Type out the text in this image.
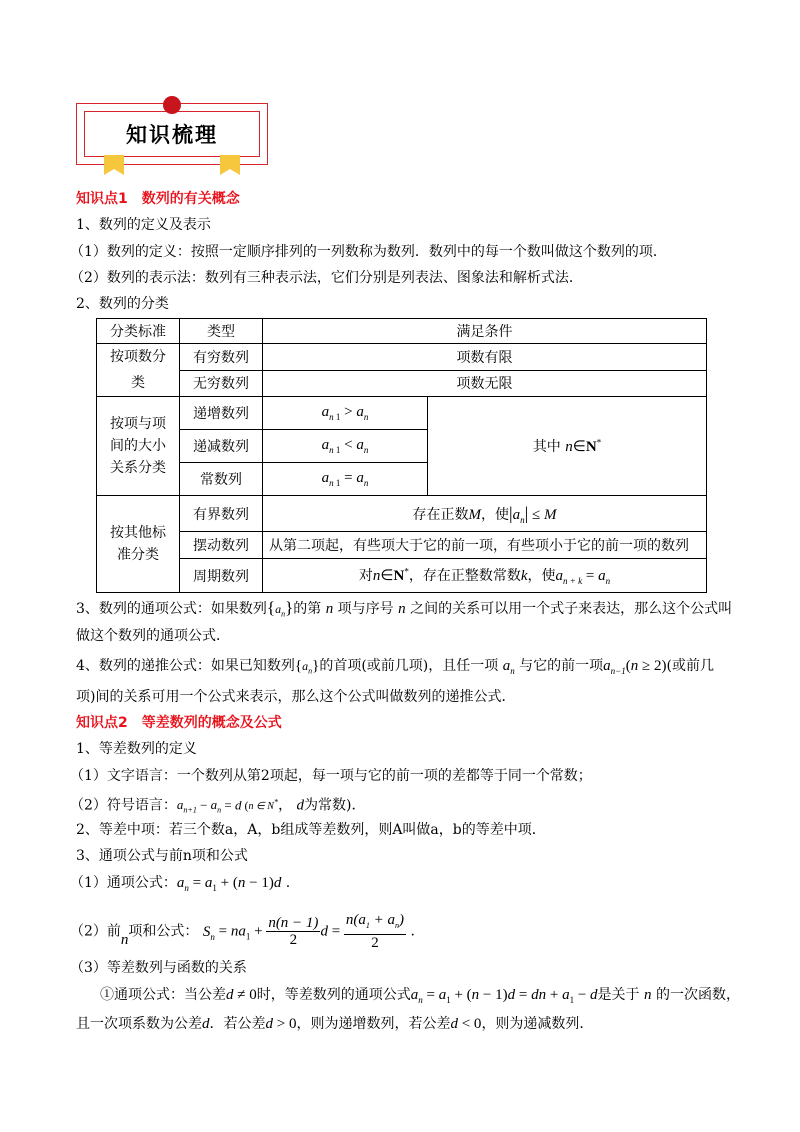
知识梳理
知识点1　数列的有关概念
1、数列的定义及表示
（1）数列的定义：按照一定顺序排列的一列数称为数列．数列中的每一个数叫做这个数列的项．
（2）数列的表示法：数列有三种表示法，它们分别是列表法、图象法和解析式法．
2、数列的分类
分类标准	类型	满足条件	

按项数分类	有穷数列	项数有限	
	无穷数列	项数无限	

按项与项间的大小关系分类	递增数列	$a_n$ $_1 > a_n$	其中 n∈N*
	递减数列	$a_n$ $_1 < a_n$
	常数列	$a_n$ $_1 = a_n$

按其他标准分类	有界数列	存在正数M，使$|a_n| \le M$	
	摆动数列	从第二项起，有些项大于它的前一项，有些项小于它的前一项的数列	
	周期数列	对n∈N*，存在正整数常数k，使$a_{n + k} = a_n$
3、数列的通项公式：如果数列$\{a_n\}$的第 n 项与序号 n 之间的关系可以用一个式子来表达，那么这个公式叫
做这个数列的通项公式．
4、数列的递推公式：如果已知数列$\{a_n\}$的首项(或前几项)，且任一项 $a_n$ 与它的前一项$a_{n-1}(n \ge 2)$(或前几
项)间的关系可用一个公式来表示，那么这个公式叫做数列的递推公式．
知识点2　等差数列的概念及公式
1、等差数列的定义
（1）文字语言：一个数列从第2项起，每一项与它的前一项的差都等于同一个常数；
（2）符号语言：$a_{n+1} - a_n = d$ (n ∈ N*， d为常数)．
2、等差中项：若三个数a，A，b组成等差数列，则A叫做a，b的等差中项．
3、通项公式与前n项和公式
（1）通项公式：$a_n = a_1 + (n - 1)d$ .
（2）前n项和公式： $S_n = na_1 + \frac{n(n - 1)}{2}$ $d = \frac{n(a_1 + a_n)}{2}$ .
（3）等差数列与函数的关系
①通项公式：当公差d ≠ 0时，等差数列的通项公式$a_n = a_1 + (n - 1)d$ = dn + $a_1 - d$是关于 n 的一次函数，
且一次项系数为公差d．若公差d > 0，则为递增数列，若公差d < 0，则为递减数列．
